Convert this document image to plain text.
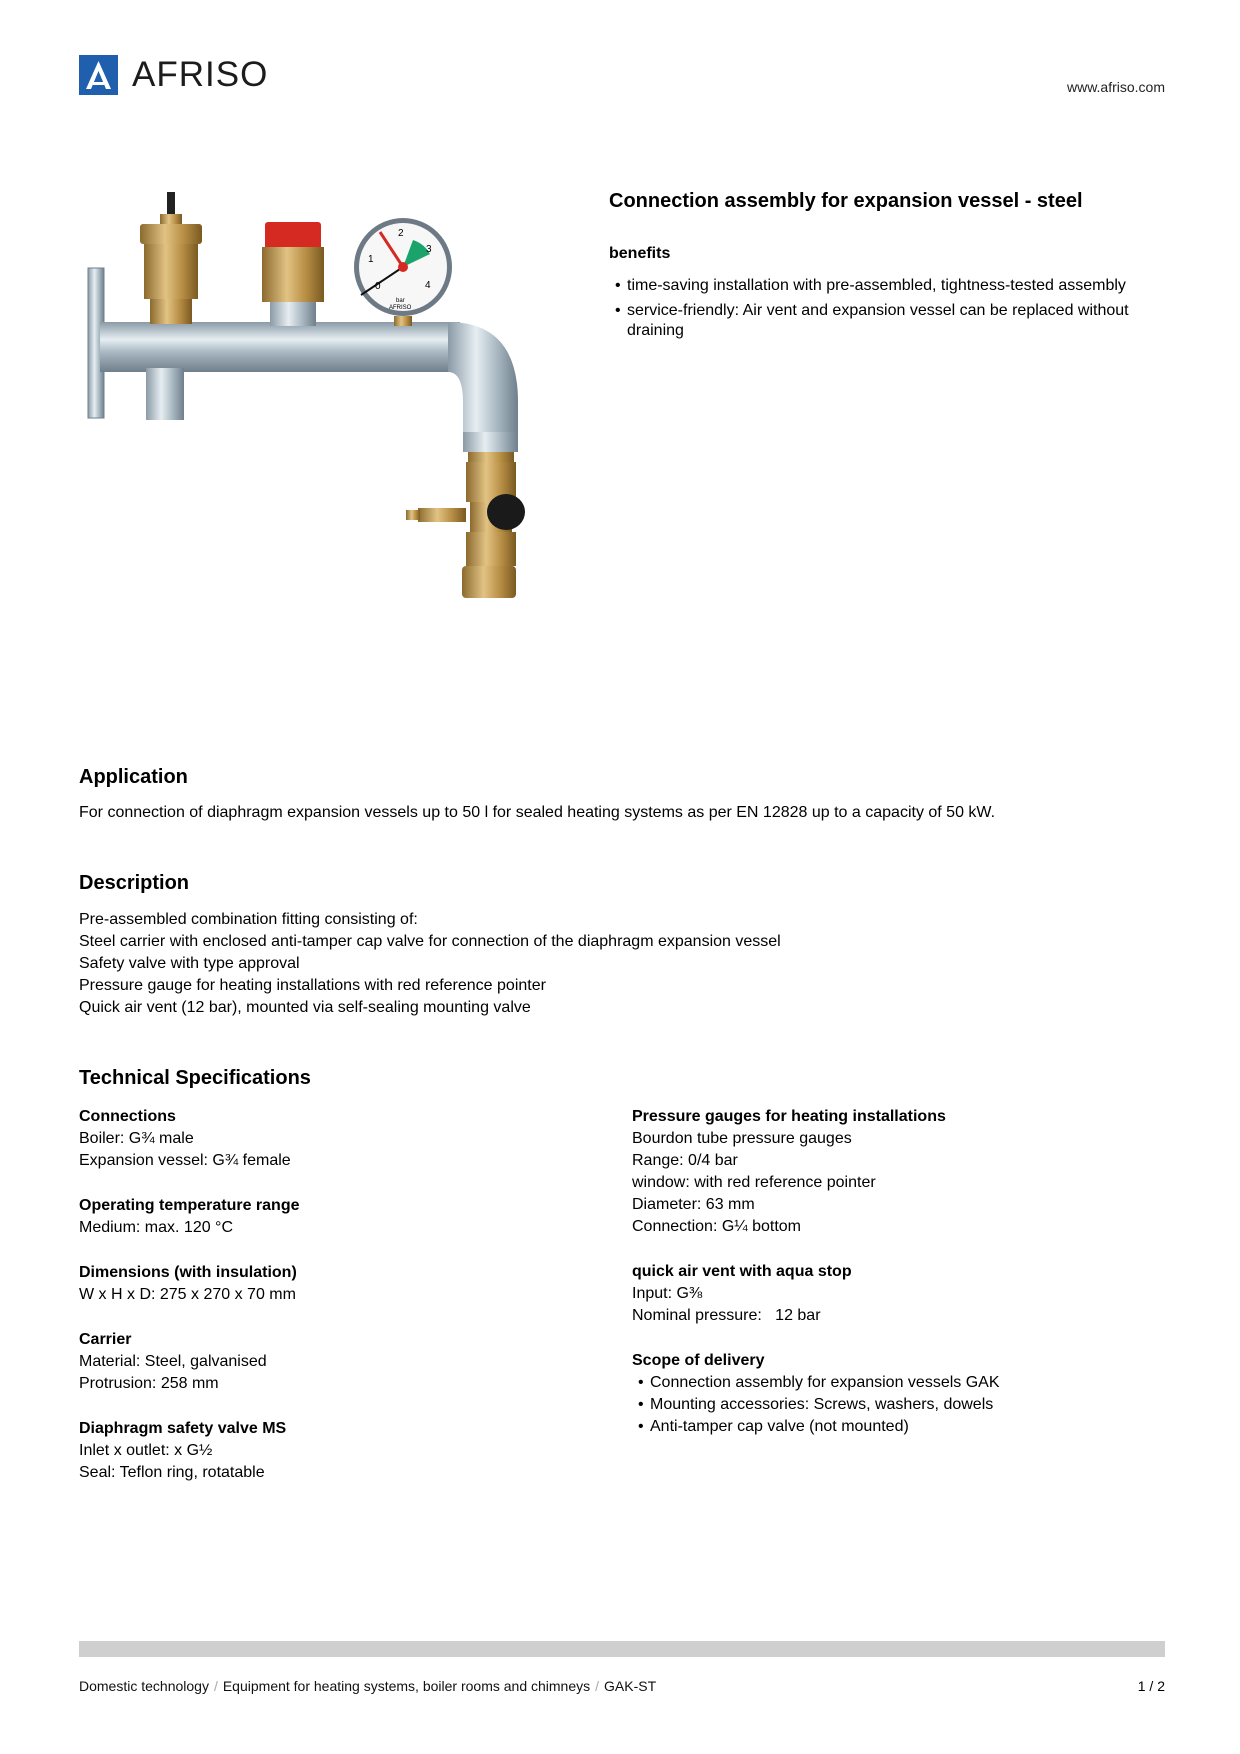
AFRISO	www.afriso.com
1
2
3
4
0
bar
AFRISO
Connection assembly for expansion vessel - steel
benefits
• time-saving installation with pre-assembled, tightness-tested assembly
• service-friendly: Air vent and expansion vessel can be replaced without draining
Application
For connection of diaphragm expansion vessels up to 50 l for sealed heating systems as per EN 12828 up to a capacity of 50 kW.
Description
Pre-assembled combination fitting consisting of:
Steel carrier with enclosed anti-tamper cap valve for connection of the diaphragm expansion vessel
Safety valve with type approval
Pressure gauge for heating installations with red reference pointer
Quick air vent (12 bar), mounted via self-sealing mounting valve
Technical Specifications
Connections
Boiler: G¾ male
Expansion vessel: G¾ female
Operating temperature range
Medium: max. 120 °C
Dimensions (with insulation)
W x H x D: 275 x 270 x 70 mm
Carrier
Material: Steel, galvanised
Protrusion: 258 mm
Diaphragm safety valve MS
Inlet x outlet: x G½
Seal: Teflon ring, rotatable
Pressure gauges for heating installations
Bourdon tube pressure gauges
Range: 0/4 bar
window: with red reference pointer
Diameter: 63 mm
Connection: G¼ bottom
quick air vent with aqua stop
Input: G⅜
Nominal pressure:   12 bar
Scope of delivery
• Connection assembly for expansion vessels GAK
• Mounting accessories: Screws, washers, dowels
• Anti-tamper cap valve (not mounted)
Domestic technology / Equipment for heating systems, boiler rooms and chimneys / GAK-ST	1 / 2
